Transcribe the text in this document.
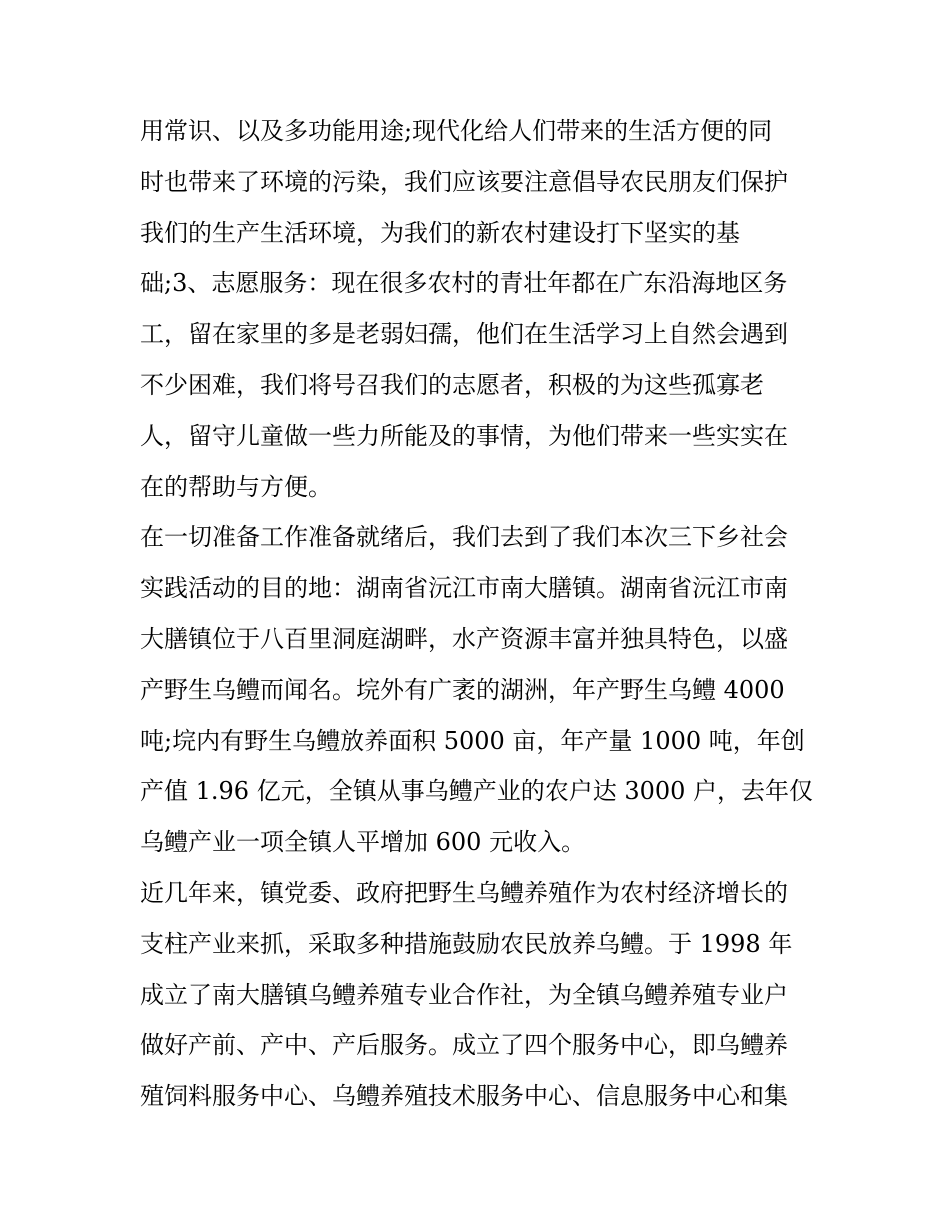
用常识、以及多功能用途;现代化给人们带来的生活方便的同
时也带来了环境的污染，我们应该要注意倡导农民朋友们保护
我们的生产生活环境，为我们的新农村建设打下坚实的基
础;3、志愿服务：现在很多农村的青壮年都在广东沿海地区务
工，留在家里的多是老弱妇孺，他们在生活学习上自然会遇到
不少困难，我们将号召我们的志愿者，积极的为这些孤寡老
人，留守儿童做一些力所能及的事情，为他们带来一些实实在
在的帮助与方便。

在一切准备工作准备就绪后，我们去到了我们本次三下乡社会
实践活动的目的地：湖南省沅江市南大膳镇。湖南省沅江市南
大膳镇位于八百里洞庭湖畔，水产资源丰富并独具特色，以盛
产野生乌鳢而闻名。垸外有广袤的湖洲，年产野生乌鳢 4000
吨;垸内有野生乌鳢放养面积 5000 亩，年产量 1000 吨，年创
产值 1.96 亿元，全镇从事乌鳢产业的农户达 3000 户，去年仅
乌鳢产业一项全镇人平增加 600 元收入。

近几年来，镇党委、政府把野生乌鳢养殖作为农村经济增长的
支柱产业来抓，采取多种措施鼓励农民放养乌鳢。于 1998 年
成立了南大膳镇乌鳢养殖专业合作社，为全镇乌鳢养殖专业户
做好产前、产中、产后服务。成立了四个服务中心，即乌鳢养
殖饲料服务中心、乌鳢养殖技术服务中心、信息服务中心和集
